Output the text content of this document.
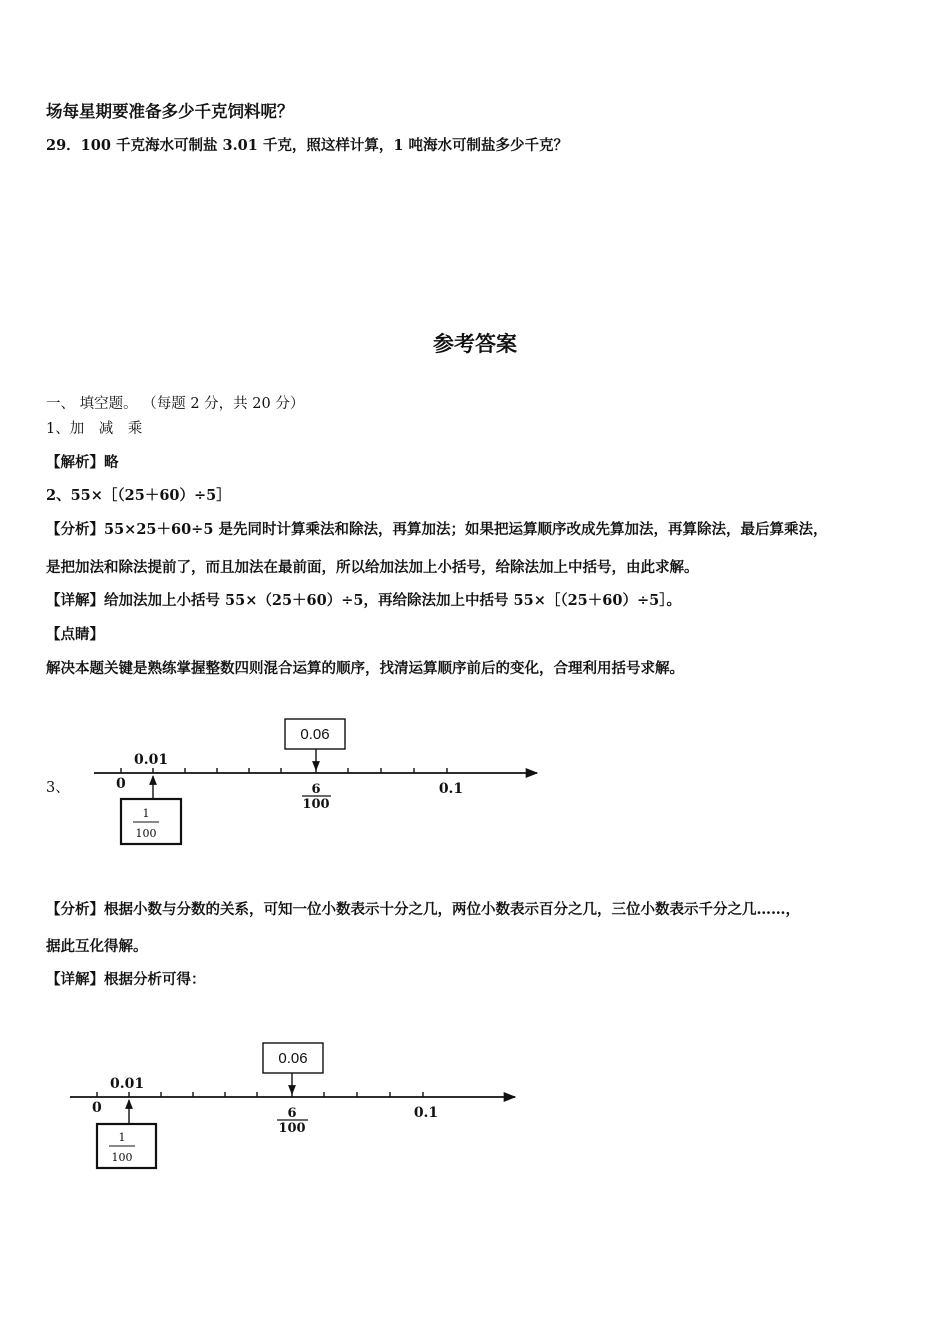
场每星期要准备多少千克饲料呢？
29．100 千克海水可制盐 3.01 千克，照这样计算，1 吨海水可制盐多少千克？
参考答案
一、 填空题。 （每题 2 分，共 20 分）
1、加　减　乘
【解析】略
2、55×［（25＋60）÷5］
【分析】55×25＋60÷5 是先同时计算乘法和除法，再算加法；如果把运算顺序改成先算加法，再算除法，最后算乘法，
是把加法和除法提前了，而且加法在最前面，所以给加法加上小括号，给除法加上中括号，由此求解。
【详解】给加法加上小括号 55×（25＋60）÷5，再给除法加上中括号 55×［（25＋60）÷5］。
【点睛】
解决本题关键是熟练掌握整数四则混合运算的顺序，找清运算顺序前后的变化，合理利用括号求解。
3、	0
0.01
0.06
6
100
0.1
1
100
【分析】根据小数与分数的关系，可知一位小数表示十分之几，两位小数表示百分之几，三位小数表示千分之几……，
据此互化得解。
【详解】根据分析可得：
0
0.01
0.06
6
100
0.1
1
100
